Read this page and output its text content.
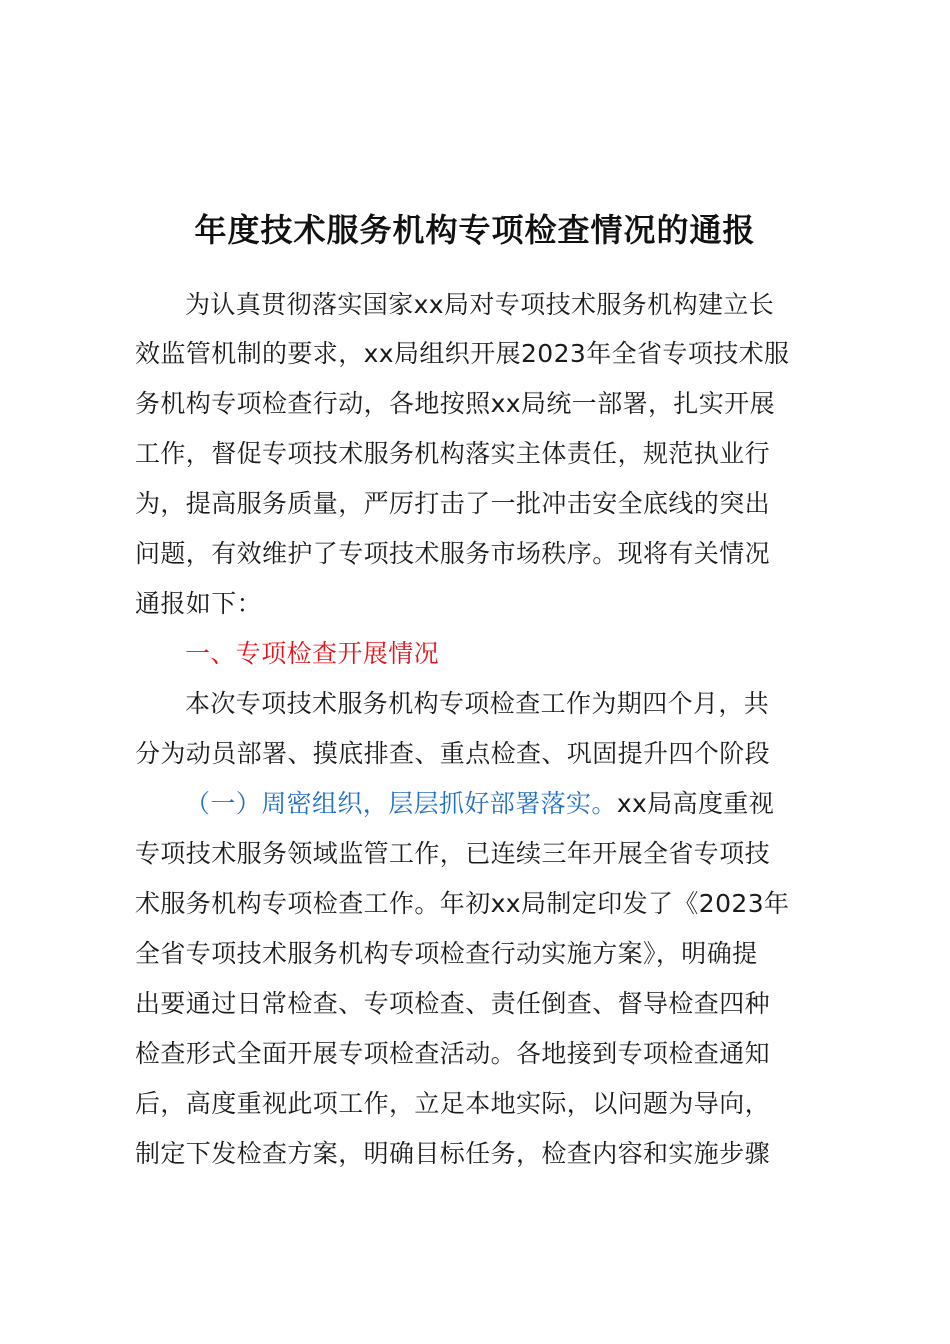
年度技术服务机构专项检查情况的通报
为认真贯彻落实国家xx局对专项技术服务机构建立长
效监管机制的要求，xx局组织开展2023年全省专项技术服
务机构专项检查行动，各地按照xx局统一部署，扎实开展
工作，督促专项技术服务机构落实主体责任，规范执业行
为，提高服务质量，严厉打击了一批冲击安全底线的突出
问题，有效维护了专项技术服务市场秩序。现将有关情况
通报如下：
一、专项检查开展情况
本次专项技术服务机构专项检查工作为期四个月，共
分为动员部署、摸底排查、重点检查、巩固提升四个阶段
（一）周密组织，层层抓好部署落实。xx局高度重视
专项技术服务领域监管工作，已连续三年开展全省专项技
术服务机构专项检查工作。年初xx局制定印发了《2023年
全省专项技术服务机构专项检查行动实施方案》，明确提
出要通过日常检查、专项检查、责任倒查、督导检查四种
检查形式全面开展专项检查活动。各地接到专项检查通知
后，高度重视此项工作，立足本地实际，以问题为导向，
制定下发检查方案，明确目标任务，检查内容和实施步骤
